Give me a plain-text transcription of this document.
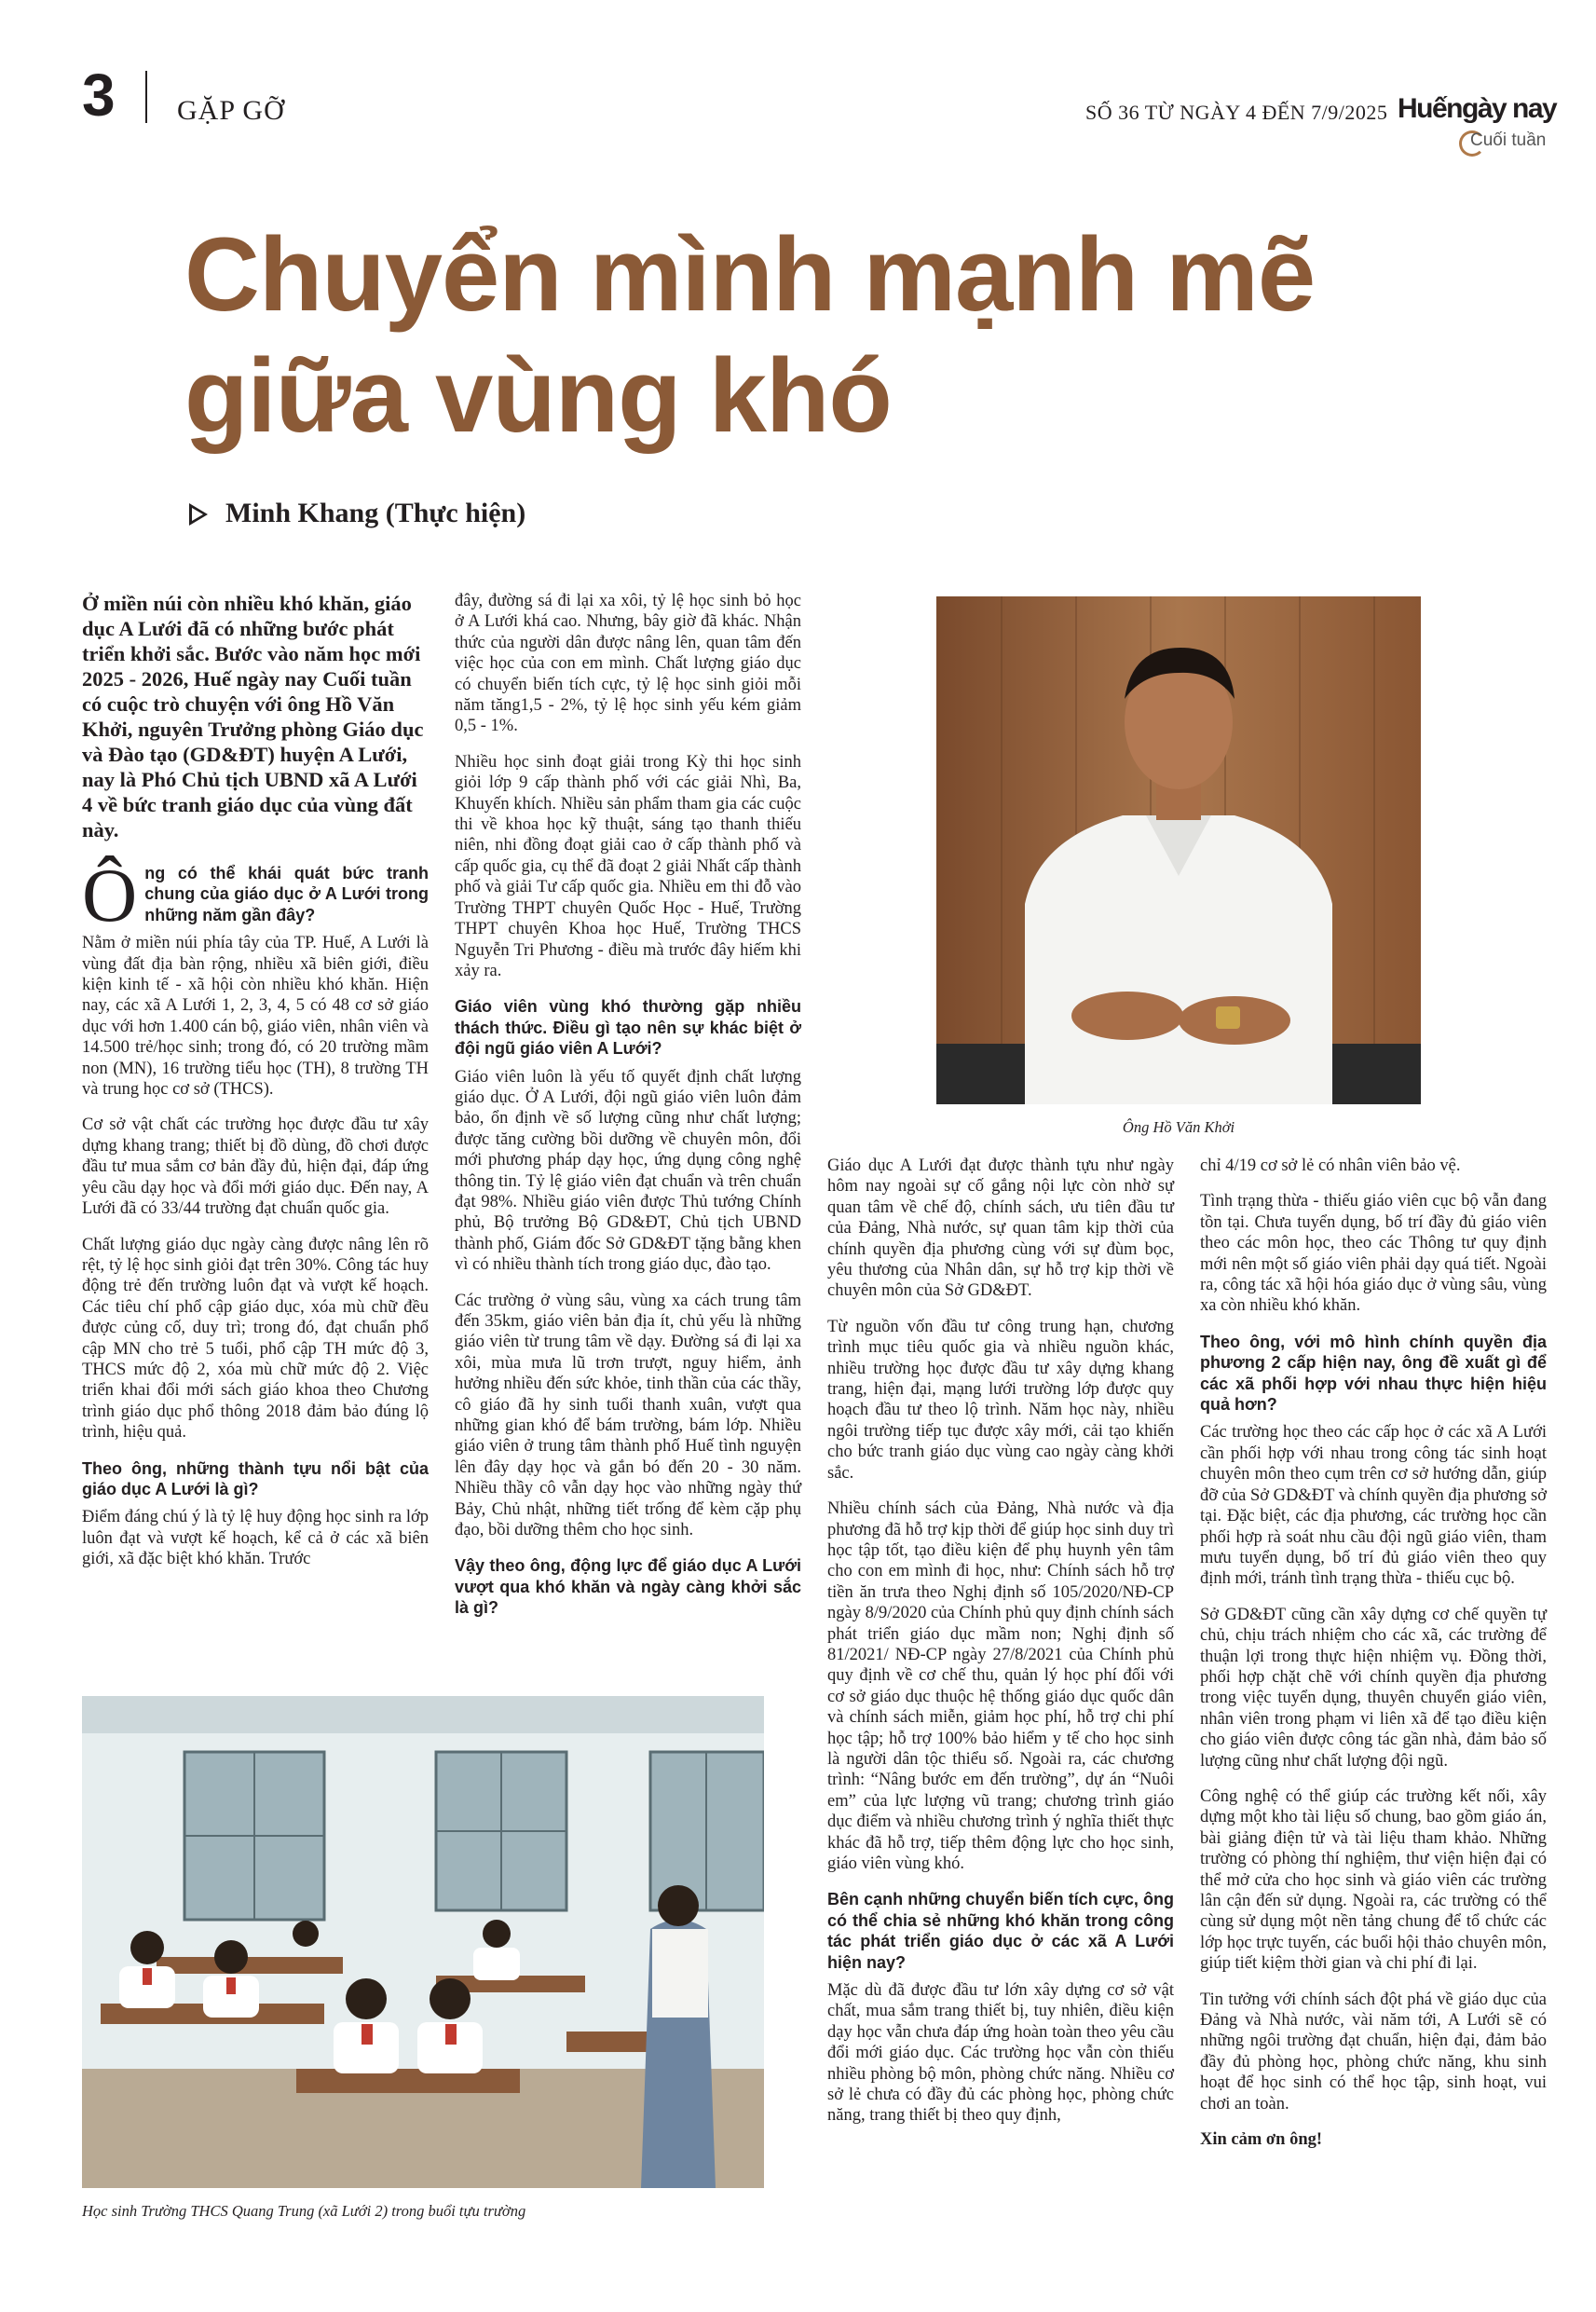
3 GẶP GỠ	SỐ 36 TỪ NGÀY 4 ĐẾN 7/9/2025 Huếngày nay
Cuối tuần
Chuyển mình mạnh mẽ
giữa vùng khó
Minh Khang (Thực hiện)

Ở miền núi còn nhiều khó khăn, giáo dục A Lưới đã có những bước phát triển khởi sắc. Bước vào năm học mới 2025 - 2026, Huế ngày nay Cuối tuần có cuộc trò chuyện với ông Hồ Văn Khởi, nguyên Trưởng phòng Giáo dục và Đào tạo (GD&ĐT) huyện A Lưới, nay là Phó Chủ tịch UBND xã A Lưới 4 về bức tranh giáo dục của vùng đất này.

Ô ng có thể khái quát bức tranh chung của giáo dục ở A Lưới trong những năm gần đây?

Nằm ở miền núi phía tây của TP. Huế, A Lưới là vùng đất địa bàn rộng, nhiều xã biên giới, điều kiện kinh tế - xã hội còn nhiều khó khăn. Hiện nay, các xã A Lưới 1, 2, 3, 4, 5 có 48 cơ sở giáo dục với hơn 1.400 cán bộ, giáo viên, nhân viên và 14.500 trẻ/học sinh; trong đó, có 20 trường mầm non (MN), 16 trường tiểu học (TH), 8 trường TH và trung học cơ sở (THCS).

Cơ sở vật chất các trường học được đầu tư xây dựng khang trang; thiết bị đồ dùng, đồ chơi được đầu tư mua sắm cơ bản đầy đủ, hiện đại, đáp ứng yêu cầu dạy học và đổi mới giáo dục. Đến nay, A Lưới đã có 33/44 trường đạt chuẩn quốc gia.

Chất lượng giáo dục ngày càng được nâng lên rõ rệt, tỷ lệ học sinh giỏi đạt trên 30%. Công tác huy động trẻ đến trường luôn đạt và vượt kế hoạch. Các tiêu chí phổ cập giáo dục, xóa mù chữ đều được củng cố, duy trì; trong đó, đạt chuẩn phổ cập MN cho trẻ 5 tuổi, phổ cập TH mức độ 3, THCS mức độ 2, xóa mù chữ mức độ 2. Việc triển khai đổi mới sách giáo khoa theo Chương trình giáo dục phổ thông 2018 đảm bảo đúng lộ trình, hiệu quả.

Theo ông, những thành tựu nổi bật của giáo dục A Lưới là gì?

Điểm đáng chú ý là tỷ lệ huy động học sinh ra lớp luôn đạt và vượt kế hoạch, kể cả ở các xã biên giới, xã đặc biệt khó khăn. Trước

đây, đường sá đi lại xa xôi, tỷ lệ học sinh bỏ học ở A Lưới khá cao. Nhưng, bây giờ đã khác. Nhận thức của người dân được nâng lên, quan tâm đến việc học của con em mình. Chất lượng giáo dục có chuyển biến tích cực, tỷ lệ học sinh giỏi mỗi năm tăng1,5 - 2%, tỷ lệ học sinh yếu kém giảm 0,5 - 1%.

Nhiều học sinh đoạt giải trong Kỳ thi học sinh giỏi lớp 9 cấp thành phố với các giải Nhì, Ba, Khuyến khích. Nhiều sản phẩm tham gia các cuộc thi về khoa học kỹ thuật, sáng tạo thanh thiếu niên, nhi đồng đoạt giải cao ở cấp thành phố và cấp quốc gia, cụ thể đã đoạt 2 giải Nhất cấp thành phố và giải Tư cấp quốc gia. Nhiều em thi đỗ vào Trường THPT chuyên Quốc Học - Huế, Trường THPT chuyên Khoa học Huế, Trường THCS Nguyễn Tri Phương - điều mà trước đây hiếm khi xảy ra.

Giáo viên vùng khó thường gặp nhiều thách thức. Điều gì tạo nên sự khác biệt ở đội ngũ giáo viên A Lưới?

Giáo viên luôn là yếu tố quyết định chất lượng giáo dục. Ở A Lưới, đội ngũ giáo viên luôn đảm bảo, ổn định về số lượng cũng như chất lượng; được tăng cường bồi dưỡng về chuyên môn, đổi mới phương pháp dạy học, ứng dụng công nghệ thông tin. Tỷ lệ giáo viên đạt chuẩn và trên chuẩn đạt 98%. Nhiều giáo viên được Thủ tướng Chính phủ, Bộ trưởng Bộ GD&ĐT, Chủ tịch UBND thành phố, Giám đốc Sở GD&ĐT tặng bằng khen vì có nhiều thành tích trong giáo dục, đào tạo.

Các trường ở vùng sâu, vùng xa cách trung tâm đến 35km, giáo viên bản địa ít, chủ yếu là những giáo viên từ trung tâm về dạy. Đường sá đi lại xa xôi, mùa mưa lũ trơn trượt, nguy hiểm, ảnh hưởng nhiều đến sức khỏe, tinh thần của các thầy, cô giáo đã hy sinh tuổi thanh xuân, vượt qua những gian khó để bám trường, bám lớp. Nhiều giáo viên ở trung tâm thành phố Huế tình nguyện lên đây dạy học và gắn bó đến 20 - 30 năm. Nhiều thầy cô vẫn dạy học vào những ngày thứ Bảy, Chủ nhật, những tiết trống để kèm cặp phụ đạo, bồi dưỡng thêm cho học sinh.

Vậy theo ông, động lực để giáo dục A Lưới vượt qua khó khăn và ngày càng khởi sắc là gì?

Ông Hồ Văn Khởi
Học sinh Trường THCS Quang Trung (xã Lưới 2) trong buổi tựu trường

Giáo dục A Lưới đạt được thành tựu như ngày hôm nay ngoài sự cố gắng nội lực còn nhờ sự quan tâm về chế độ, chính sách, ưu tiên đầu tư của Đảng, Nhà nước, sự quan tâm kịp thời của chính quyền địa phương cùng với sự đùm bọc, yêu thương của Nhân dân, sự hỗ trợ kịp thời về chuyên môn của Sở GD&ĐT.

Từ nguồn vốn đầu tư công trung hạn, chương trình mục tiêu quốc gia và nhiều nguồn khác, nhiều trường học được đầu tư xây dựng khang trang, hiện đại, mạng lưới trường lớp được quy hoạch đầu tư theo lộ trình. Năm học này, nhiều ngôi trường tiếp tục được xây mới, cải tạo khiến cho bức tranh giáo dục vùng cao ngày càng khởi sắc.

Nhiều chính sách của Đảng, Nhà nước và địa phương đã hỗ trợ kịp thời để giúp học sinh duy trì học tập tốt, tạo điều kiện để phụ huynh yên tâm cho con em mình đi học, như: Chính sách hỗ trợ tiền ăn trưa theo Nghị định số 105/2020/NĐ-CP ngày 8/9/2020 của Chính phủ quy định chính sách phát triển giáo dục mầm non; Nghị định số 81/2021/ NĐ-CP ngày 27/8/2021 của Chính phủ quy định về cơ chế thu, quản lý học phí đối với cơ sở giáo dục thuộc hệ thống giáo dục quốc dân và chính sách miễn, giảm học phí, hỗ trợ chi phí học tập; hỗ trợ 100% bảo hiểm y tế cho học sinh là người dân tộc thiểu số. Ngoài ra, các chương trình: “Nâng bước em đến trường”, dự án “Nuôi em” của lực lượng vũ trang; chương trình giáo dục điểm và nhiều chương trình ý nghĩa thiết thực khác đã hỗ trợ, tiếp thêm động lực cho học sinh, giáo viên vùng khó.

Bên cạnh những chuyển biến tích cực, ông có thể chia sẻ những khó khăn trong công tác phát triển giáo dục ở các xã A Lưới hiện nay?

Mặc dù đã được đầu tư lớn xây dựng cơ sở vật chất, mua sắm trang thiết bị, tuy nhiên, điều kiện dạy học vẫn chưa đáp ứng hoàn toàn theo yêu cầu đổi mới giáo dục. Các trường học vẫn còn thiếu nhiều phòng bộ môn, phòng chức năng. Nhiều cơ sở lẻ chưa có đầy đủ các phòng học, phòng chức năng, trang thiết bị theo quy định,

chỉ 4/19 cơ sở lẻ có nhân viên bảo vệ.

Tình trạng thừa - thiếu giáo viên cục bộ vẫn đang tồn tại. Chưa tuyển dụng, bố trí đầy đủ giáo viên theo các môn học, theo các Thông tư quy định mới nên một số giáo viên phải dạy quá tiết. Ngoài ra, công tác xã hội hóa giáo dục ở vùng sâu, vùng xa còn nhiều khó khăn.

Theo ông, với mô hình chính quyền địa phương 2 cấp hiện nay, ông đề xuất gì để các xã phối hợp với nhau thực hiện hiệu quả hơn?

Các trường học theo các cấp học ở các xã A Lưới cần phối hợp với nhau trong công tác sinh hoạt chuyên môn theo cụm trên cơ sở hướng dẫn, giúp đỡ của Sở GD&ĐT và chính quyền địa phương sở tại. Đặc biệt, các địa phương, các trường học cần phối hợp rà soát nhu cầu đội ngũ giáo viên, tham mưu tuyển dụng, bố trí đủ giáo viên theo quy định mới, tránh tình trạng thừa - thiếu cục bộ.

Sở GD&ĐT cũng cần xây dựng cơ chế quyền tự chủ, chịu trách nhiệm cho các xã, các trường để thuận lợi trong thực hiện nhiệm vụ. Đồng thời, phối hợp chặt chẽ với chính quyền địa phương trong việc tuyển dụng, thuyên chuyển giáo viên, nhân viên trong phạm vi liên xã để tạo điều kiện cho giáo viên được công tác gần nhà, đảm bảo số lượng cũng như chất lượng đội ngũ.

Công nghệ có thể giúp các trường kết nối, xây dựng một kho tài liệu số chung, bao gồm giáo án, bài giảng điện tử và tài liệu tham khảo. Những trường có phòng thí nghiệm, thư viện hiện đại có thể mở cửa cho học sinh và giáo viên các trường lân cận đến sử dụng. Ngoài ra, các trường có thể cùng sử dụng một nền tảng chung để tổ chức các lớp học trực tuyến, các buổi hội thảo chuyên môn, giúp tiết kiệm thời gian và chi phí đi lại.

Tin tưởng với chính sách đột phá về giáo dục của Đảng và Nhà nước, vài năm tới, A Lưới sẽ có những ngôi trường đạt chuẩn, hiện đại, đảm bảo đầy đủ phòng học, phòng chức năng, khu sinh hoạt để học sinh có thể học tập, sinh hoạt, vui chơi an toàn.

Xin cảm ơn ông!
